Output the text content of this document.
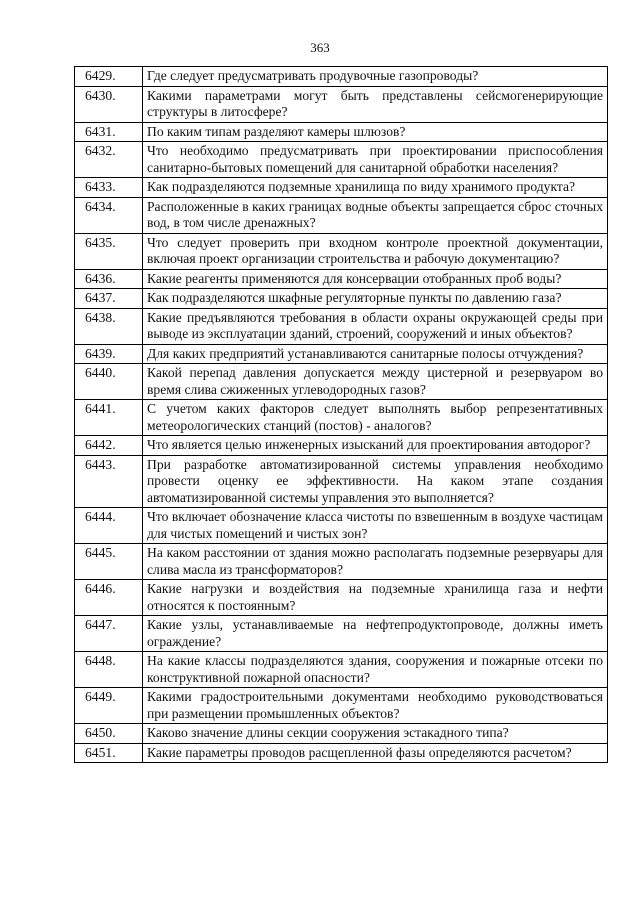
363
6429.	Где следует предусматривать продувочные газопроводы?
6430.	Какими параметрами могут быть представлены сейсмогенерирующие структуры в литосфере?
6431.	По каким типам разделяют камеры шлюзов?
6432.	Что необходимо предусматривать при проектировании приспособления санитарно-бытовых помещений для санитарной обработки населения?
6433.	Как подразделяются подземные хранилища по виду хранимого продукта?
6434.	Расположенные в каких границах водные объекты запрещается сброс сточных вод, в том числе дренажных?
6435.	Что следует проверить при входном контроле проектной документации, включая проект организации строительства и рабочую документацию?
6436.	Какие реагенты применяются для консервации отобранных проб воды?
6437.	Как подразделяются шкафные регуляторные пункты по давлению газа?
6438.	Какие предъявляются требования в области охраны окружающей среды при выводе из эксплуатации зданий, строений, сооружений и иных объектов?
6439.	Для каких предприятий устанавливаются санитарные полосы отчуждения?
6440.	Какой перепад давления допускается между цистерной и резервуаром во время слива сжиженных углеводородных газов?
6441.	С учетом каких факторов следует выполнять выбор репрезентативных метеорологических станций (постов) - аналогов?
6442.	Что является целью инженерных изысканий для проектирования автодорог?
6443.	При разработке автоматизированной системы управления необходимо провести оценку ее эффективности. На каком этапе создания автоматизированной системы управления это выполняется?
6444.	Что включает обозначение класса чистоты по взвешенным в воздухе частицам для чистых помещений и чистых зон?
6445.	На каком расстоянии от здания можно располагать подземные резервуары для слива масла из трансформаторов?
6446.	Какие нагрузки и воздействия на подземные хранилища газа и нефти относятся к постоянным?
6447.	Какие узлы, устанавливаемые на нефтепродуктопроводе, должны иметь ограждение?
6448.	На какие классы подразделяются здания, сооружения и пожарные отсеки по конструктивной пожарной опасности?
6449.	Какими градостроительными документами необходимо руководствоваться при размещении промышленных объектов?
6450.	Каково значение длины секции сооружения эстакадного типа?
6451.	Какие параметры проводов расщепленной фазы определяются расчетом?
